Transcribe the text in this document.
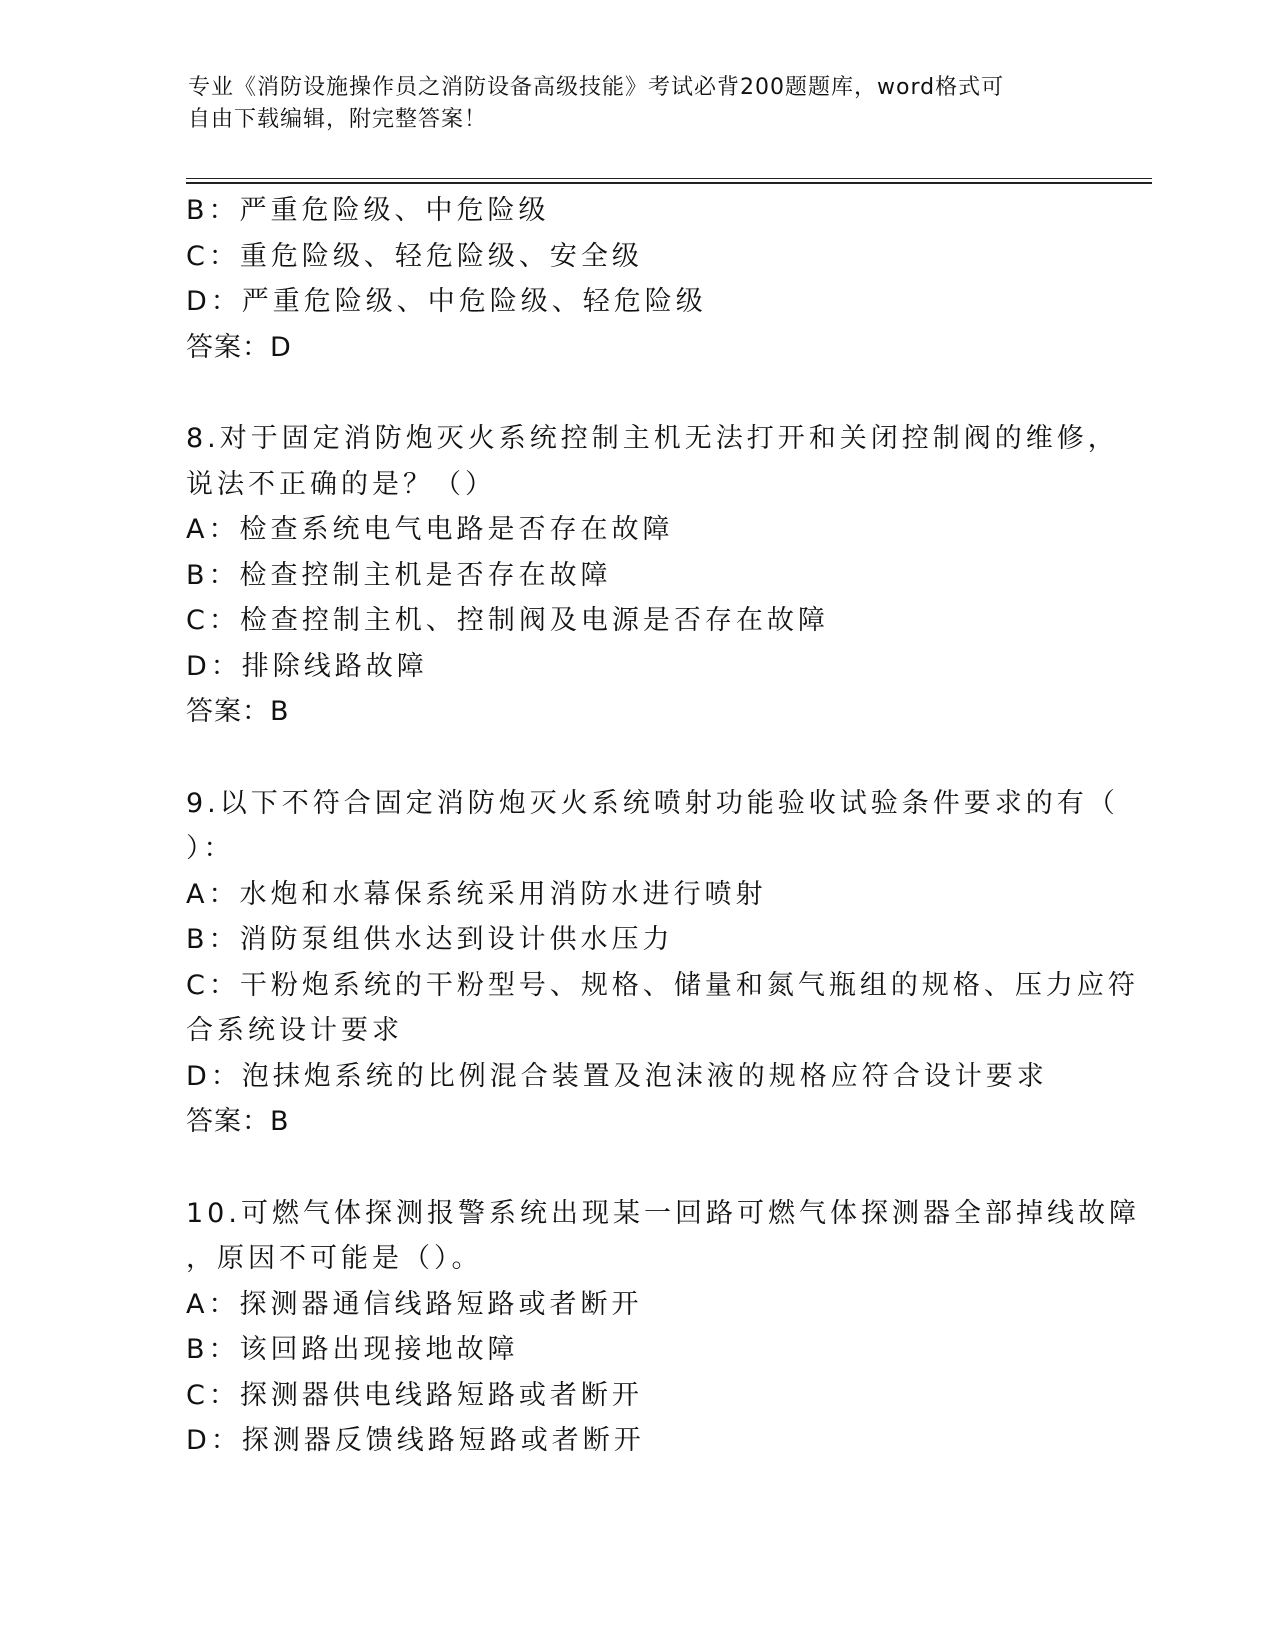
专业《消防设施操作员之消防设备高级技能》考试必背200题题库，word格式可
自由下载编辑，附完整答案！
B：严重危险级、中危险级
C：重危险级、轻危险级、安全级
D：严重危险级、中危险级、轻危险级
答案：D
8.对于固定消防炮灭火系统控制主机无法打开和关闭控制阀的维修，
说法不正确的是？（）
A：检查系统电气电路是否存在故障
B：检查控制主机是否存在故障
C：检查控制主机、控制阀及电源是否存在故障
D：排除线路故障
答案：B
9.以下不符合固定消防炮灭火系统喷射功能验收试验条件要求的有（
）：
A：水炮和水幕保系统采用消防水进行喷射
B：消防泵组供水达到设计供水压力
C：干粉炮系统的干粉型号、规格、储量和氮气瓶组的规格、压力应符
合系统设计要求
D：泡抹炮系统的比例混合装置及泡沫液的规格应符合设计要求
答案：B
10.可燃气体探测报警系统出现某一回路可燃气体探测器全部掉线故障
，原因不可能是（）。
A：探测器通信线路短路或者断开
B：该回路出现接地故障
C：探测器供电线路短路或者断开
D：探测器反馈线路短路或者断开
